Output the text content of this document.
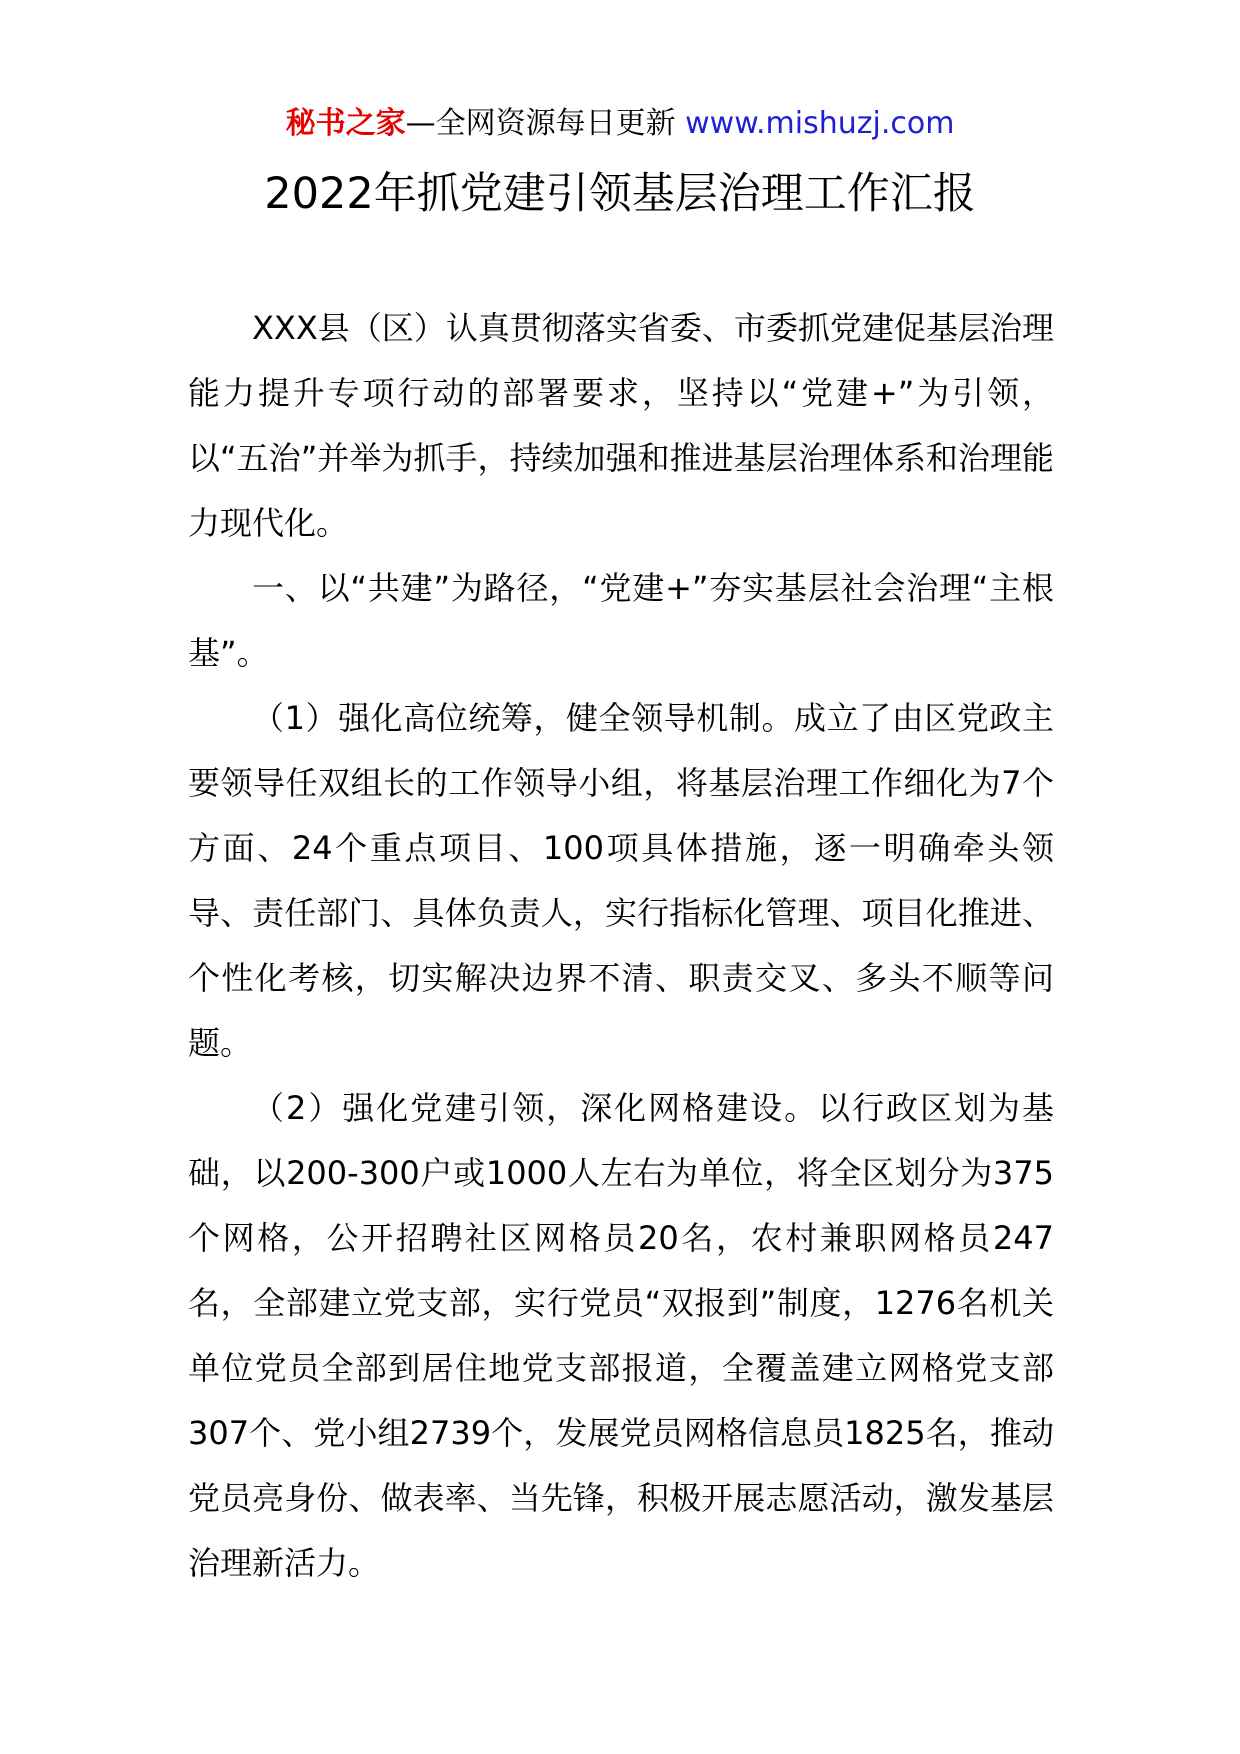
秘书之家—全网资源每日更新 www.mishuzj.com
2022年抓党建引领基层治理工作汇报

XXX县（区）认真贯彻落实省委、市委抓党建促基层治理能力提升专项行动的部署要求，坚持以“党建+”为引领，以“五治”并举为抓手，持续加强和推进基层治理体系和治理能力现代化。

一、以“共建”为路径，“党建+”夯实基层社会治理“主根基”。

（1）强化高位统筹，健全领导机制。成立了由区党政主要领导任双组长的工作领导小组，将基层治理工作细化为7个方面、24个重点项目、100项具体措施，逐一明确牵头领导、责任部门、具体负责人，实行指标化管理、项目化推进、个性化考核，切实解决边界不清、职责交叉、多头不顺等问题。

（2）强化党建引领，深化网格建设。以行政区划为基础，以200-300户或1000人左右为单位，将全区划分为375个网格，公开招聘社区网格员20名，农村兼职网格员247名，全部建立党支部，实行党员“双报到”制度，1276名机关单位党员全部到居住地党支部报道，全覆盖建立网格党支部307个、党小组2739个，发展党员网格信息员1825名，推动党员亮身份、做表率、当先锋，积极开展志愿活动，激发基层治理新活力。
